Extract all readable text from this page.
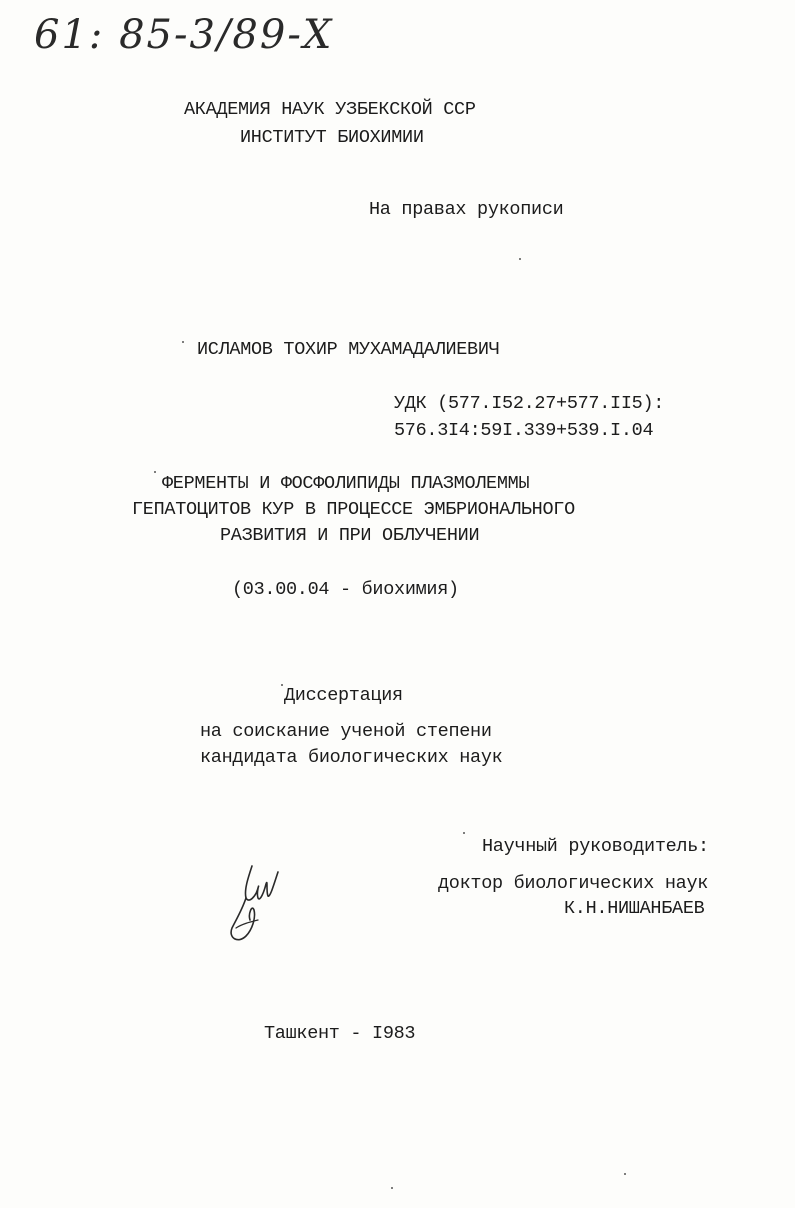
61: 85-3/89-Х
АКАДЕМИЯ НАУК УЗБЕКСКОЙ ССР
ИНСТИТУТ БИОХИМИИ
На правах рукописи
ИСЛАМОВ ТОХИР МУХАМАДАЛИЕВИЧ
УДК (577.I52.27+577.II5):
576.3I4:59I.339+539.I.04
ФЕРМЕНТЫ И ФОСФОЛИПИДЫ ПЛАЗМОЛЕММЫ
ГЕПАТОЦИТОВ КУР В ПРОЦЕССЕ ЭМБРИОНАЛЬНОГО
РАЗВИТИЯ И ПРИ ОБЛУЧЕНИИ
(03.00.04 - биохимия)
Диссертация
на соискание ученой степени
кандидата биологических наук
Научный руководитель:
доктор биологических наук
К.Н.НИШАНБАЕВ
Ташкент - I983
